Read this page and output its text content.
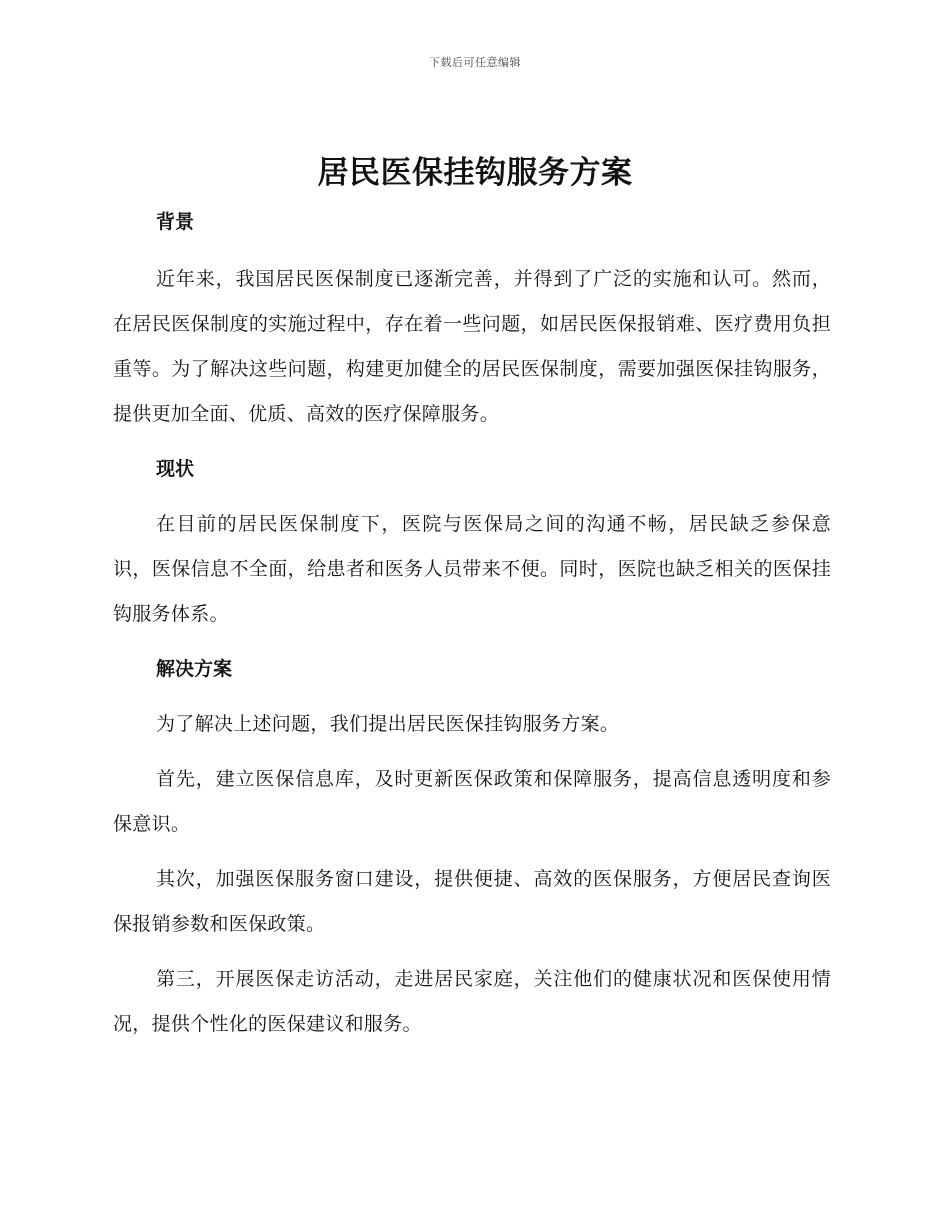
下载后可任意编辑
居民医保挂钩服务方案
背景

近年来，我国居民医保制度已逐渐完善，并得到了广泛的实施和认可。然而，在居民医保制度的实施过程中，存在着一些问题，如居民医保报销难、医疗费用负担重等。为了解决这些问题，构建更加健全的居民医保制度，需要加强医保挂钩服务，提供更加全面、优质、高效的医疗保障服务。

现状

在目前的居民医保制度下，医院与医保局之间的沟通不畅，居民缺乏参保意识，医保信息不全面，给患者和医务人员带来不便。同时，医院也缺乏相关的医保挂钩服务体系。

解决方案

为了解决上述问题，我们提出居民医保挂钩服务方案。

首先，建立医保信息库，及时更新医保政策和保障服务，提高信息透明度和参保意识。

其次，加强医保服务窗口建设，提供便捷、高效的医保服务，方便居民查询医保报销参数和医保政策。

第三，开展医保走访活动，走进居民家庭，关注他们的健康状况和医保使用情况，提供个性化的医保建议和服务。
